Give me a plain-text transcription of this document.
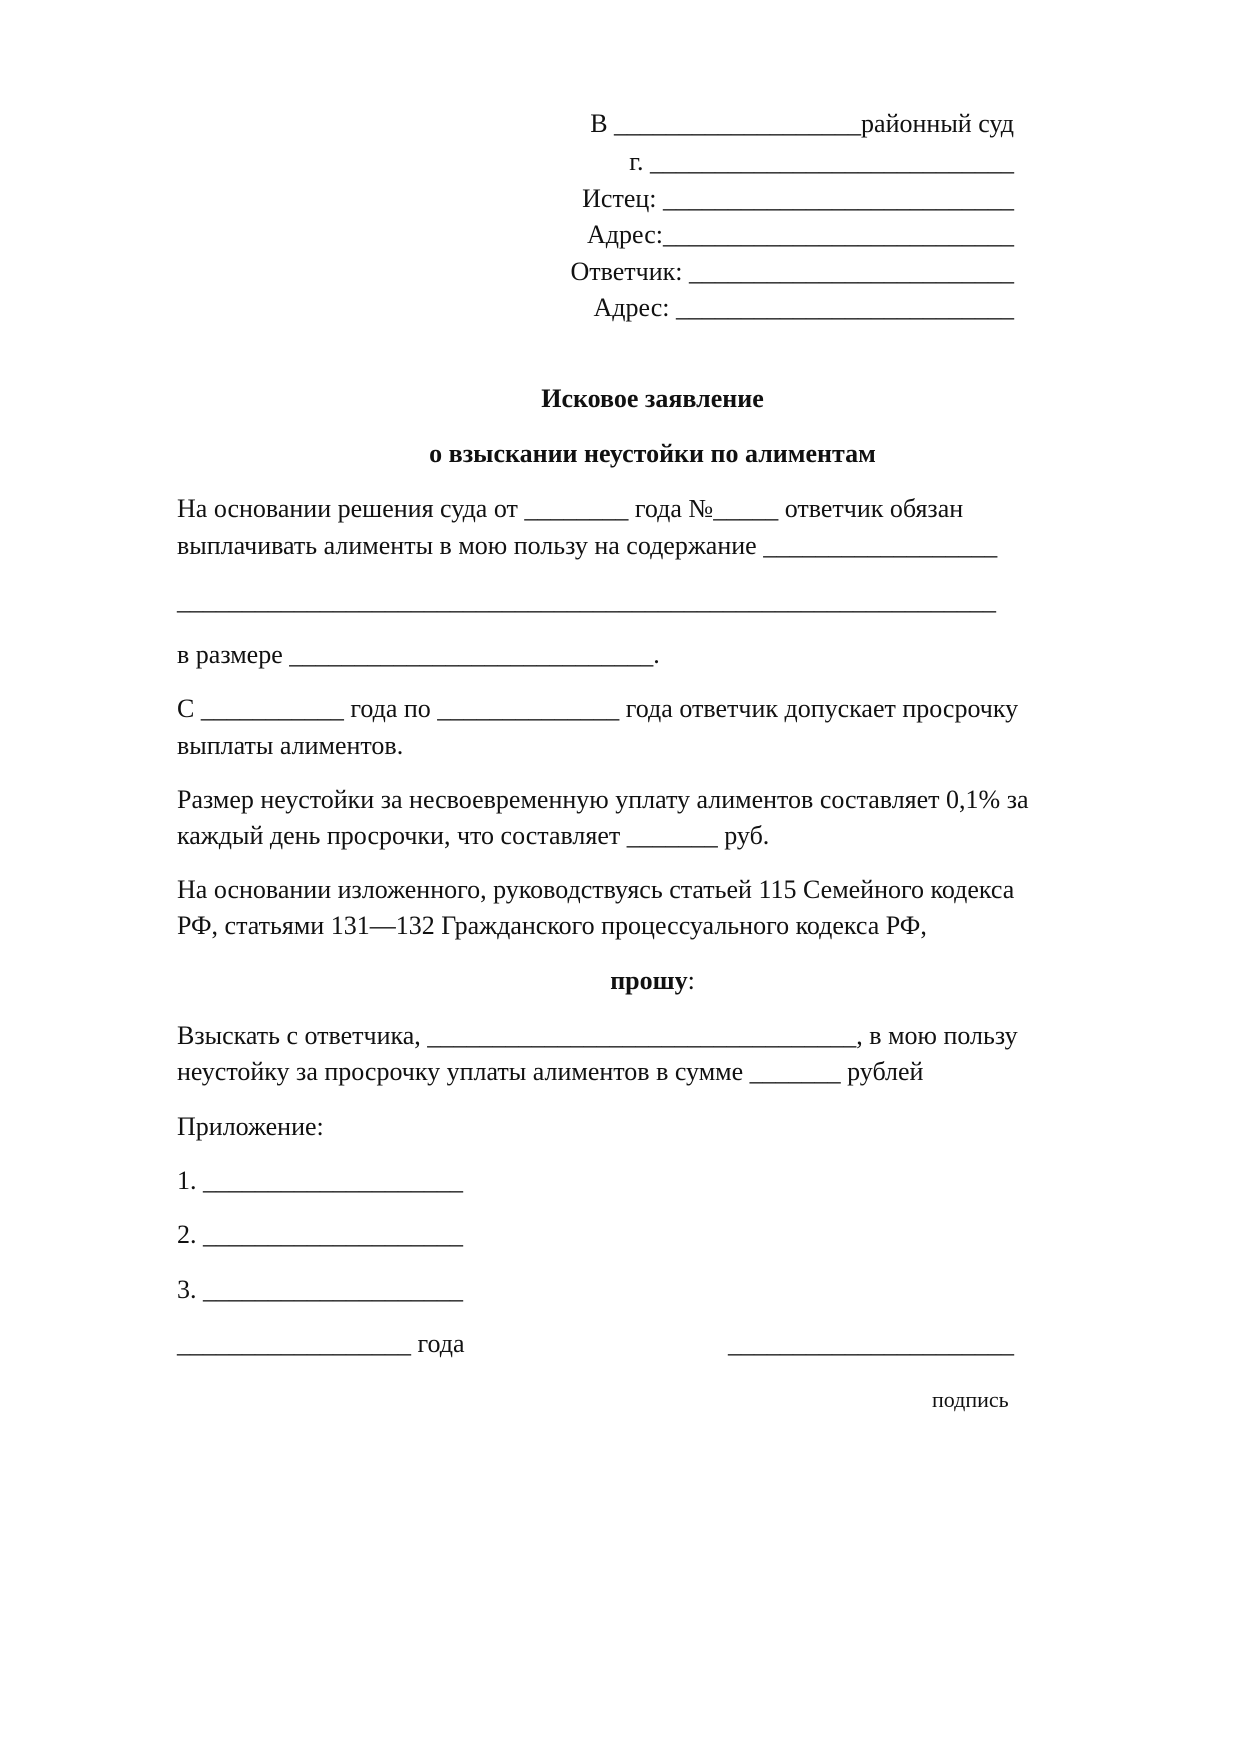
В ___________________районный суд
г. ____________________________
Истец: ___________________________
Адрес:___________________________
Ответчик: _________________________
Адрес: __________________________
Исковое заявление
о взыскании неустойки по алиментам
На основании решения суда от ________ года №_____ ответчик обязан
выплачивать алименты в мою пользу на содержание __________________
_______________________________________________________________
в размере ____________________________.
С ___________ года по ______________ года ответчик допускает просрочку
выплаты алиментов.
Размер неустойки за несвоевременную уплату алиментов составляет 0,1% за
каждый день просрочки, что составляет _______ руб.
На основании изложенного, руководствуясь статьей 115 Семейного кодекса
РФ, статьями 131—132 Гражданского процессуального кодекса РФ,
прошу:
Взыскать с ответчика, _________________________________, в мою пользу
неустойку за просрочку уплаты алиментов в сумме _______ рублей
Приложение:
1. ____________________
2. ____________________
3. ____________________
__________________ года	______________________
подпись
